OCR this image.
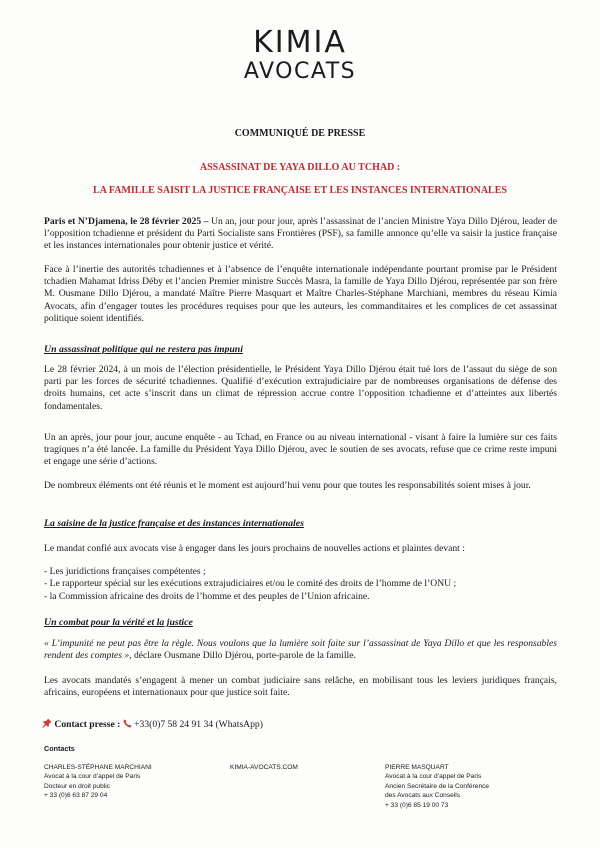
KIMIA
AVOCATS
COMMUNIQUÉ DE PRESSE
ASSASSINAT DE YAYA DILLO AU TCHAD :
LA FAMILLE SAISIT LA JUSTICE FRANÇAISE ET LES INSTANCES INTERNATIONALES
Paris et N’Djamena, le 28 février 2025 – Un an, jour pour jour, après l’assassinat de l’ancien Ministre Yaya Dillo Djérou, leader de l’opposition tchadienne et président du Parti Socialiste sans Frontières (PSF), sa famille annonce qu’elle va saisir la justice française et les instances internationales pour obtenir justice et vérité.
Face à l’inertie des autorités tchadiennes et à l’absence de l’enquête internationale indépendante pourtant promise par le Président tchadien Mahamat Idriss Déby et l’ancien Premier ministre Succès Masra, la famille de Yaya Dillo Djérou, représentée par son frère M. Ousmane Dillo Djérou, a mandaté Maître Pierre Masquart et Maître Charles-Stéphane Marchiani, membres du réseau Kimia Avocats, afin d’engager toutes les procédures requises pour que les auteurs, les commanditaires et les complices de cet assassinat politique soient identifiés.
Un assassinat politique qui ne restera pas impuni
Le 28 février 2024, à un mois de l’élection présidentielle, le Président Yaya Dillo Djérou était tué lors de l’assaut du siège de son parti par les forces de sécurité tchadiennes. Qualifié d’exécution extrajudiciaire par de nombreuses organisations de défense des droits humains, cet acte s’inscrit dans un climat de répression accrue contre l’opposition tchadienne et d’atteintes aux libertés fondamentales.
Un an après, jour pour jour, aucune enquête - au Tchad, en France ou au niveau international - visant à faire la lumière sur ces faits tragiques n’a été lancée. La famille du Président Yaya Dillo Djérou, avec le soutien de ses avocats, refuse que ce crime reste impuni et engage une série d’actions.
De nombreux éléments ont été réunis et le moment est aujourd’hui venu pour que toutes les responsabilités soient mises à jour.
La saisine de la justice française et des instances internationales
Le mandat confié aux avocats vise à engager dans les jours prochains de nouvelles actions et plaintes devant :
- Les juridictions françaises compétentes ;
- Le rapporteur spécial sur les exécutions extrajudiciaires et/ou le comité des droits de l’homme de l’ONU ;
- la Commission africaine des droits de l’homme et des peuples de l’Union africaine.
Un combat pour la vérité et la justice
« L’impunité ne peut pas être la règle. Nous voulons que la lumière soit faite sur l’assassinat de Yaya Dillo et que les responsables rendent des comptes », déclare Ousmane Dillo Djérou, porte-parole de la famille.
Les avocats mandatés s’engagent à mener un combat judiciaire sans relâche, en mobilisant tous les leviers juridiques français, africains, européens et internationaux pour que justice soit faite.
Contact presse : +33(0)7 58 24 91 34 (WhatsApp)
Contacts
CHARLES-STÉPHANE MARCHIANI
Avocat à la cour d’appel de Paris
Docteur en droit public
+ 33 (0)6 63 87 29 04
KIMIA-AVOCATS.COM	PIERRE MASQUART
Avocat à la cour d’appel de Paris
Ancien Secrétaire de la Conférence
des Avocats aux Conseils
+ 33 (0)6 85 19 00 73
